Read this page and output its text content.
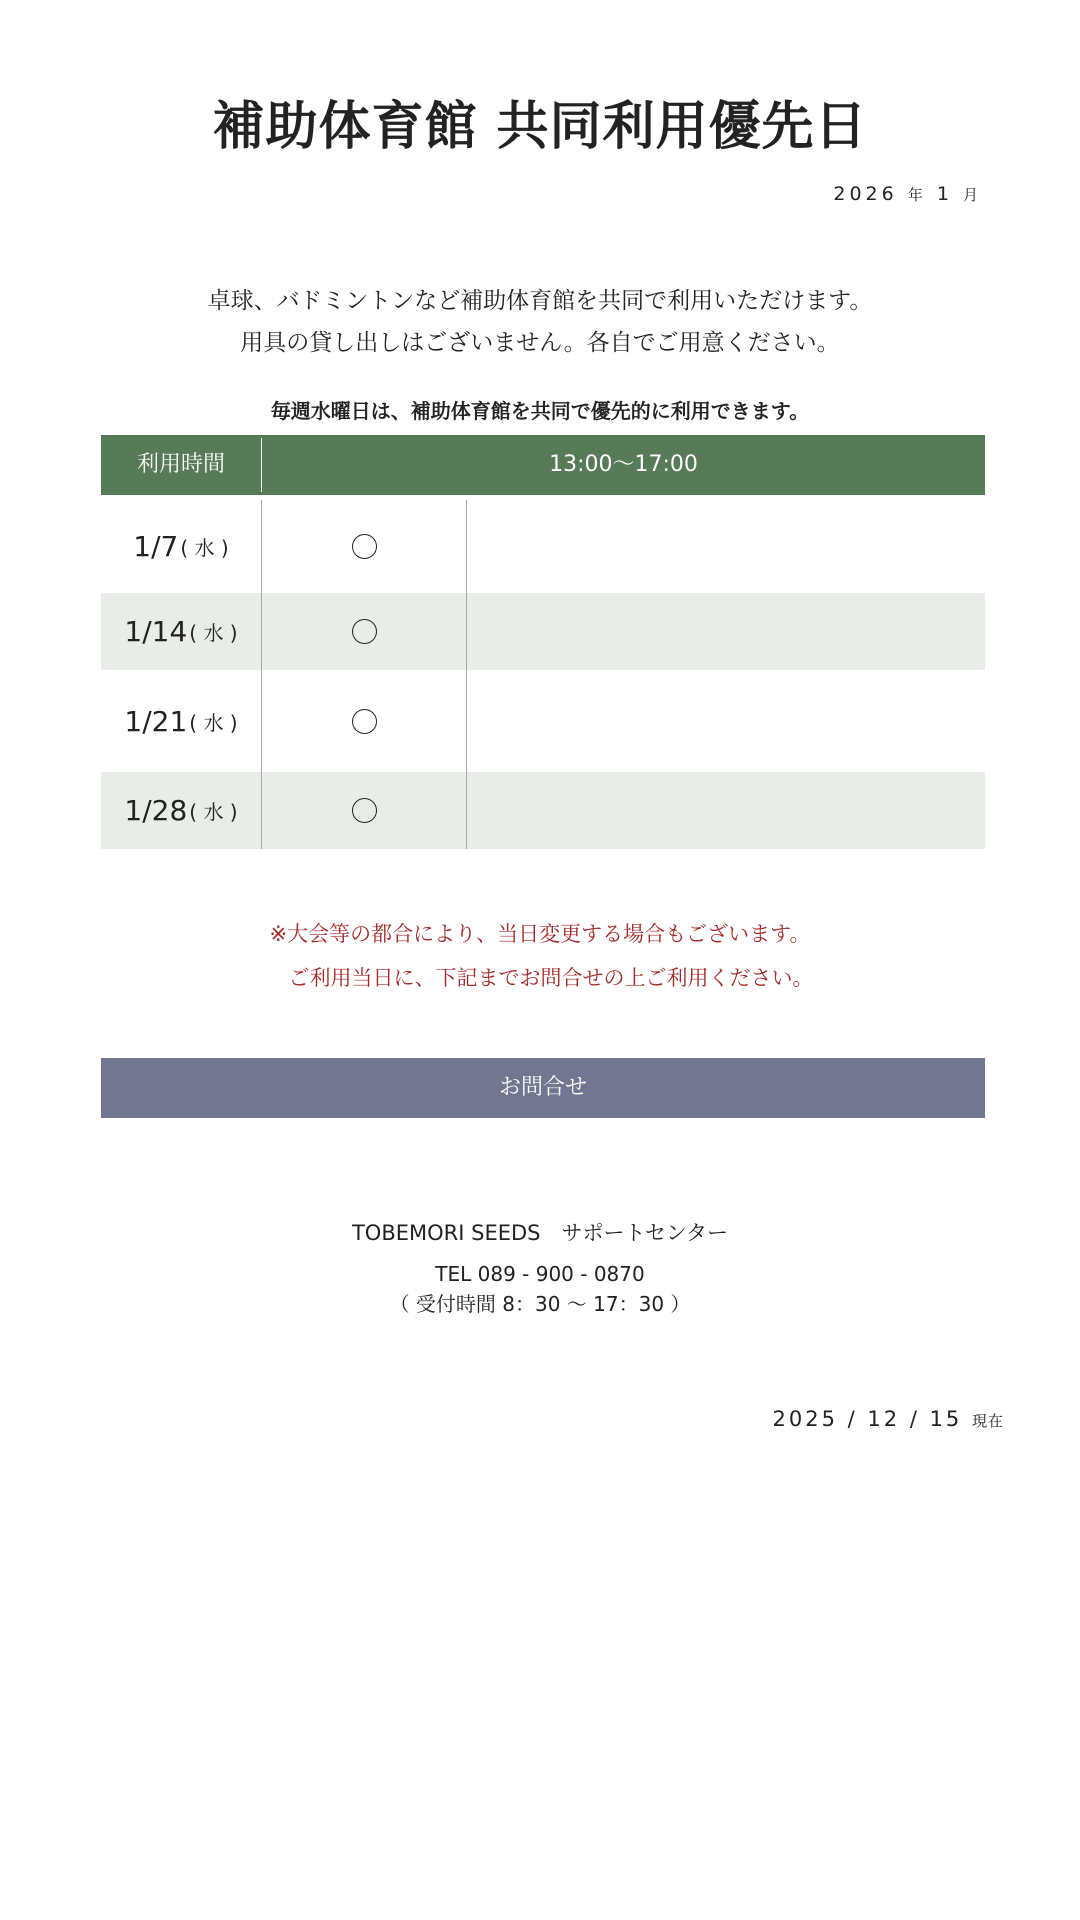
補助体育館 共同利用優先日
2026 年 1 月
卓球、バドミントンなど補助体育館を共同で利用いただけます。
用具の貸し出しはございません。各自でご用意ください。
毎週水曜日は、補助体育館を共同で優先的に利用できます。
利用時間	13:00〜17:00
1/7 ( 水 )
1/14 ( 水 )
1/21 ( 水 )
1/28 ( 水 )
※大会等の都合により、当日変更する場合もございます。
ご利用当日に、下記までお問合せの上ご利用ください。
お問合せ
TOBEMORI SEEDS　サポートセンター
TEL 089 - 900 - 0870
（ 受付時間 8：30 〜 17：30 ）
2025 / 12 / 15 現在
